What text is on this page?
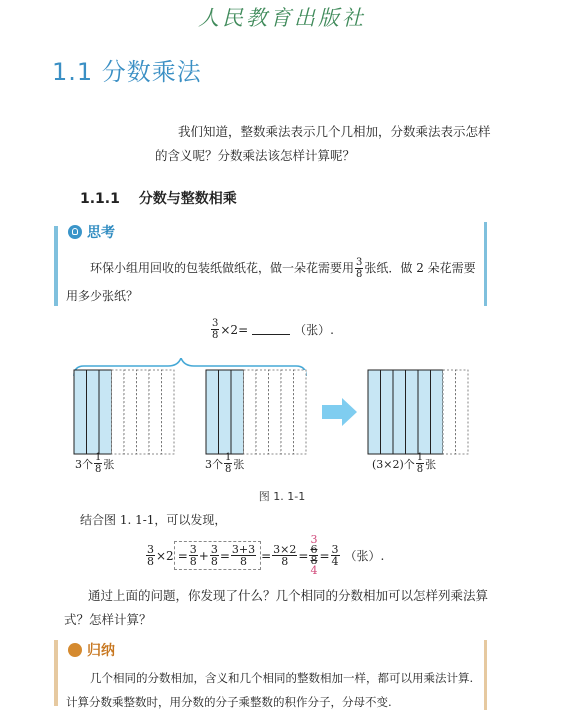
人民教育出版社
1.1 分数乘法

我们知道，整数乘法表示几个几相加，分数乘法表示怎样的含义呢？分数乘法该怎样计算呢？

1.1.1 分数与整数相乘
思考
环保小组用回收的包装纸做纸花，做一朵花需要用 $\frac{3}{8}$ 张纸．做 2 朵花需要用多少张纸？
$\frac{3}{8} \times 2=$	（张）.
3个 $\frac{1}{8}$ 张	3个 $\frac{1}{8}$ 张	(3×2)个 $\frac{1}{8}$ 张
图 1. 1-1
结合图 1. 1-1，可以发现，
$\frac{3}{8} \times 2 = \frac{3}{8} + \frac{3}{8} = \frac{3+3}{8} = \frac{3\times 2}{8}$ =
3
6
8
4
= $\frac{3}{4}$ （张）.
通过上面的问题，你发现了什么？几个相同的分数相加可以怎样列乘法算式？怎样计算？
归纳
几个相同的分数相加，含义和几个相同的整数相加一样，都可以用乘法计算. 计算分数乘整数时，用分数的分子乘整数的积作分子，分母不变.
